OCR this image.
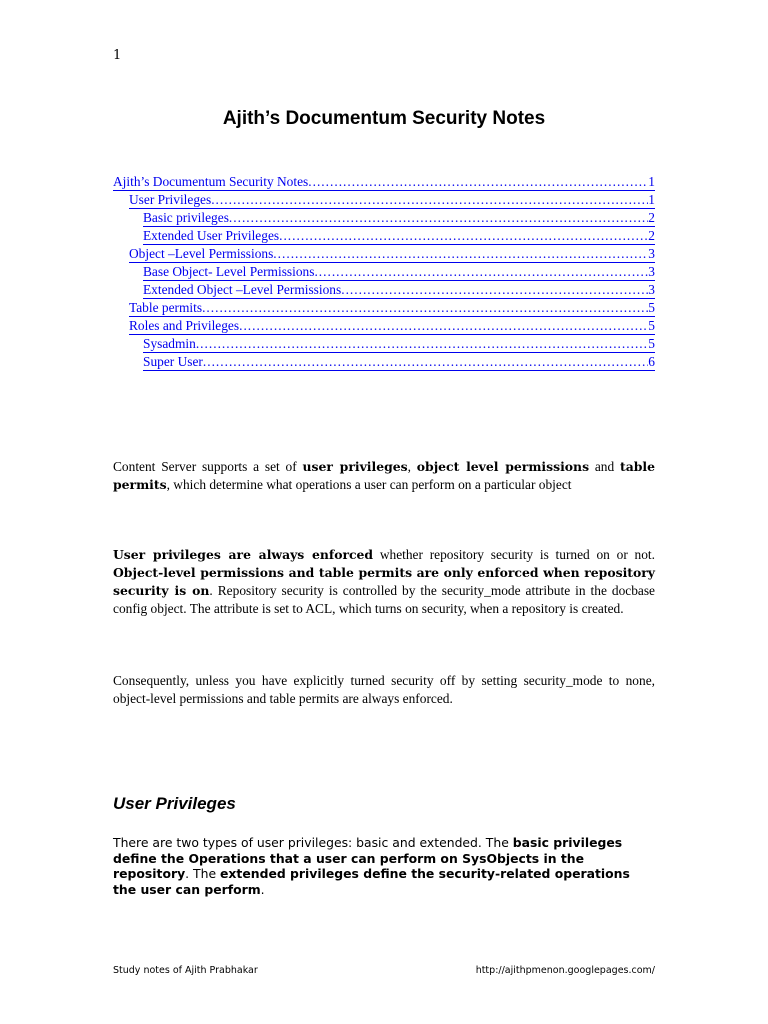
1
Ajith’s Documentum Security Notes
Ajith’s Documentum Security Notes .....	1
User Privileges .....	1
Basic privileges .....	2
Extended User Privileges .....	2
Object –Level Permissions .....	3
Base Object- Level Permissions .....	3
Extended Object –Level Permissions .....	3
Table permits .....	5
Roles and Privileges .....	5
Sysadmin .....	5
Super User .....	6

Content Server supports a set of user privileges, object level permissions and table permits, which determine what operations a user can perform on a particular object

User privileges are always enforced whether repository security is turned on or not. Object-level permissions and table permits are only enforced when repository security is on. Repository security is controlled by the security_mode attribute in the docbase config object. The attribute is set to ACL, which turns on security, when a repository is created.

Consequently, unless you have explicitly turned security off by setting security_mode to none, object-level permissions and table permits are always enforced.

User Privileges

There are two types of user privileges: basic and extended. The basic privileges define the Operations that a user can perform on SysObjects in the repository. The extended privileges define the security-related operations the user can perform.

Study notes of Ajith Prabhakar	http://ajithpmenon.googlepages.com/
